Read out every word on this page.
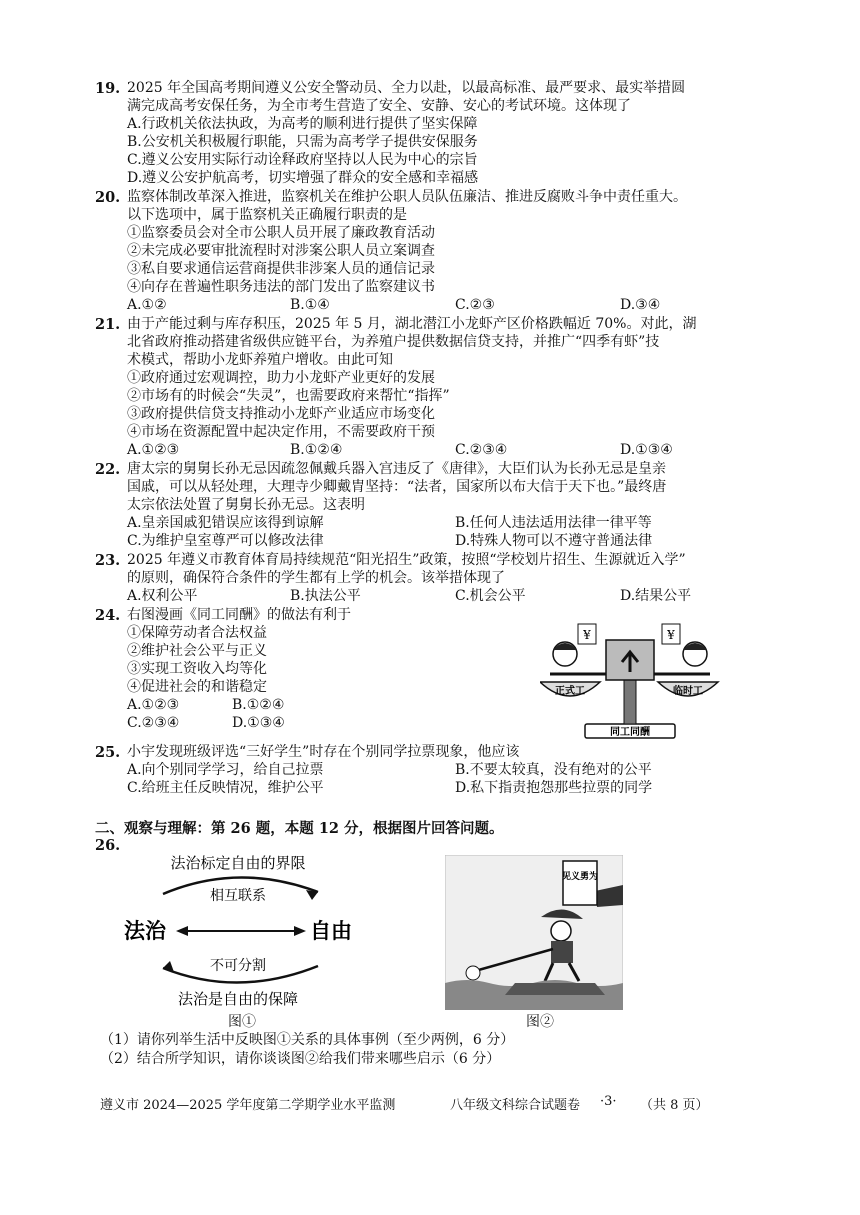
19. 2025 年全国高考期间遵义公安全警动员、全力以赴，以最高标准、最严要求、最实举措圆
满完成高考安保任务，为全市考生营造了安全、安静、安心的考试环境。这体现了
A.行政机关依法执政，为高考的顺利进行提供了坚实保障
B.公安机关积极履行职能，只需为高考学子提供安保服务
C.遵义公安用实际行动诠释政府坚持以人民为中心的宗旨
D.遵义公安护航高考，切实增强了群众的安全感和幸福感
20. 监察体制改革深入推进，监察机关在维护公职人员队伍廉洁、推进反腐败斗争中责任重大。
以下选项中，属于监察机关正确履行职责的是
①监察委员会对全市公职人员开展了廉政教育活动
②未完成必要审批流程时对涉案公职人员立案调查
③私自要求通信运营商提供非涉案人员的通信记录
④向存在普遍性职务违法的部门发出了监察建议书
A.①②	B.①④	C.②③	D.③④
21. 由于产能过剩与库存积压，2025 年 5 月，湖北潜江小龙虾产区价格跌幅近 70%。对此，湖
北省政府推动搭建省级供应链平台，为养殖户提供数据信贷支持，并推广“四季有虾”技
术模式，帮助小龙虾养殖户增收。由此可知
①政府通过宏观调控，助力小龙虾产业更好的发展
②市场有的时候会“失灵”，也需要政府来帮忙“指挥”
③政府提供信贷支持推动小龙虾产业适应市场变化
④市场在资源配置中起决定作用，不需要政府干预
A.①②③	B.①②④	C.②③④	D.①③④
22. 唐太宗的舅舅长孙无忌因疏忽佩戴兵器入宫违反了《唐律》，大臣们认为长孙无忌是皇亲
国戚，可以从轻处理，大理寺少卿戴胄坚持：“法者，国家所以布大信于天下也。”最终唐
太宗依法处置了舅舅长孙无忌。这表明
A.皇亲国戚犯错误应该得到谅解	B.任何人违法适用法律一律平等
C.为维护皇室尊严可以修改法律	D.特殊人物可以不遵守普通法律
23. 2025 年遵义市教育体育局持续规范“阳光招生”政策，按照“学校划片招生、生源就近入学”
的原则，确保符合条件的学生都有上学的机会。该举措体现了
A.权利公平	B.执法公平	C.机会公平	D.结果公平
24. 右图漫画《同工同酬》的做法有利于
①保障劳动者合法权益
②维护社会公平与正义
③实现工资收入均等化
④促进社会的和谐稳定
A.①②③	B.①②④
C.②③④	D.①③④
同工同酬
正式工	临时工
¥	¥
25. 小宇发现班级评选“三好学生”时存在个别同学拉票现象，他应该
A.向个别同学学习，给自己拉票	B.不要太较真，没有绝对的公平
C.给班主任反映情况，维护公平	D.私下指责抱怨那些拉票的同学
二、观察与理解：第 26 题，本题 12 分，根据图片回答问题。
26.
法治标定自由的界限
相互联系
法治	自由
不可分割
法治是自由的保障
图①
见义勇为
图②
（1）请你列举生活中反映图①关系的具体事例（至少两例，6 分）
（2）结合所学知识，请你谈谈图②给我们带来哪些启示（6 分）
遵义市 2024—2025 学年度第二学期学业水平监测	八年级文科综合试题卷 ·3· （共 8 页）
